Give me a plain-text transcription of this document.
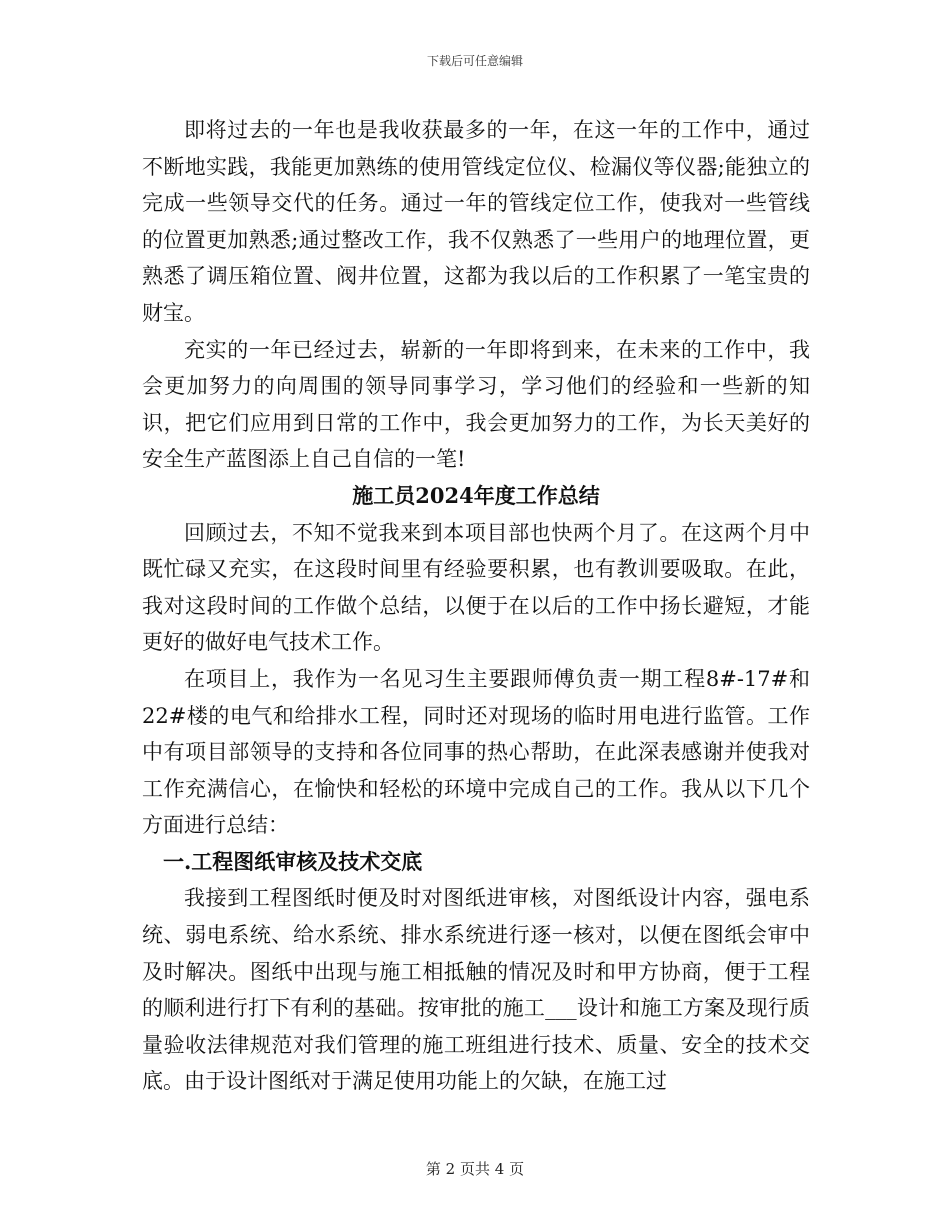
下载后可任意编辑

即将过去的一年也是我收获最多的一年，在这一年的工作中，通过不断地实践，我能更加熟练的使用管线定位仪、检漏仪等仪器;能独立的完成一些领导交代的任务。通过一年的管线定位工作，使我对一些管线的位置更加熟悉;通过整改工作，我不仅熟悉了一些用户的地理位置，更熟悉了调压箱位置、阀井位置，这都为我以后的工作积累了一笔宝贵的财宝。

充实的一年已经过去，崭新的一年即将到来，在未来的工作中，我会更加努力的向周围的领导同事学习，学习他们的经验和一些新的知识，把它们应用到日常的工作中，我会更加努力的工作，为长天美好的安全生产蓝图添上自己自信的一笔!

施工员2024年度工作总结

回顾过去，不知不觉我来到本项目部也快两个月了。在这两个月中既忙碌又充实，在这段时间里有经验要积累，也有教训要吸取。在此，我对这段时间的工作做个总结，以便于在以后的工作中扬长避短，才能更好的做好电气技术工作。

在项目上，我作为一名见习生主要跟师傅负责一期工程8#-17#和22#楼的电气和给排水工程，同时还对现场的临时用电进行监管。工作中有项目部领导的支持和各位同事的热心帮助，在此深表感谢并使我对工作充满信心，在愉快和轻松的环境中完成自己的工作。我从以下几个方面进行总结：

一.工程图纸审核及技术交底

我接到工程图纸时便及时对图纸进审核，对图纸设计内容，强电系统、弱电系统、给水系统、排水系统进行逐一核对，以便在图纸会审中及时解决。图纸中出现与施工相抵触的情况及时和甲方协商，便于工程的顺利进行打下有利的基础。按审批的施工___设计和施工方案及现行质量验收法律规范对我们管理的施工班组进行技术、质量、安全的技术交底。由于设计图纸对于满足使用功能上的欠缺，在施工过

第 2 页共 4 页
